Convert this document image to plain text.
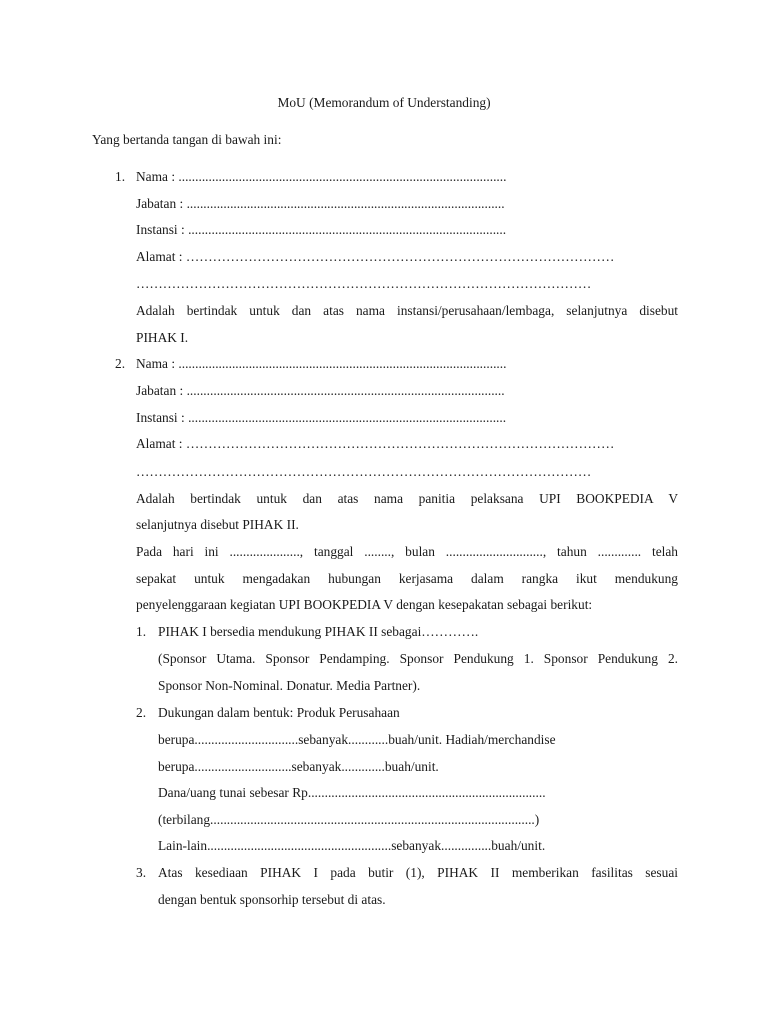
MoU (Memorandum of Understanding)
Yang bertanda tangan di bawah ini:
1. Nama : ..................................................................................................
Jabatan : ...............................................................................................
Instansi : ...............................................................................................
Alamat : ……………………………………………………………………………………
…………………………………………………………………………………………
Adalah bertindak untuk dan atas nama instansi/perusahaan/lembaga, selanjutnya disebut
PIHAK I.
2. Nama : ..................................................................................................
Jabatan : ...............................................................................................
Instansi : ...............................................................................................
Alamat : ……………………………………………………………………………………
…………………………………………………………………………………………
Adalah bertindak untuk dan atas nama panitia pelaksana UPI BOOKPEDIA V
selanjutnya disebut PIHAK II.
Pada hari ini ....................., tanggal ........, bulan ............................., tahun ............. telah
sepakat untuk mengadakan hubungan kerjasama dalam rangka ikut mendukung
penyelenggaraan kegiatan UPI BOOKPEDIA V dengan kesepakatan sebagai berikut:
1. PIHAK I bersedia mendukung PIHAK II sebagai………….
(Sponsor Utama. Sponsor Pendamping. Sponsor Pendukung 1. Sponsor Pendukung 2.
Sponsor Non-Nominal. Donatur. Media Partner).
2. Dukungan dalam bentuk: Produk Perusahaan
berupa...............................sebanyak............buah/unit. Hadiah/merchandise
berupa.............................sebanyak.............buah/unit.
Dana/uang tunai sebesar Rp.......................................................................
(terbilang.................................................................................................)
Lain-lain.......................................................sebanyak...............buah/unit.
3. Atas kesediaan PIHAK I pada butir (1), PIHAK II memberikan fasilitas sesuai
dengan bentuk sponsorhip tersebut di atas.
